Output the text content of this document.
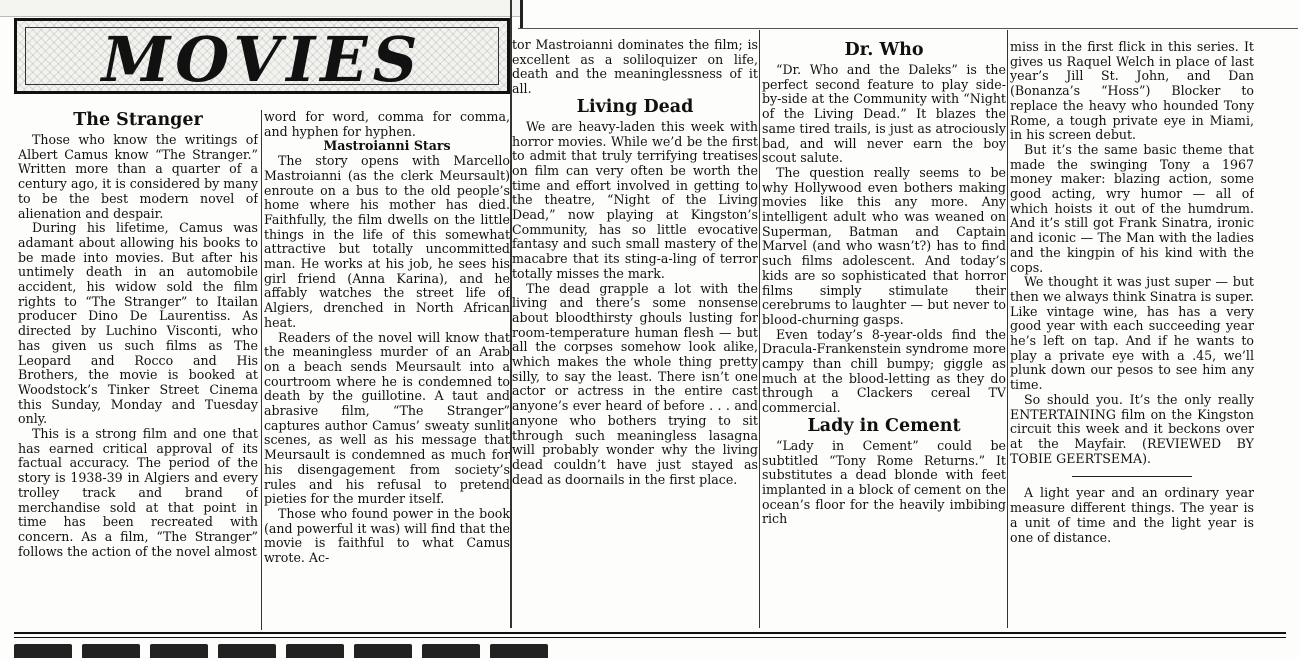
MOVIES
The Stranger

Those who know the writings of Albert Camus know “The Stranger.” Written more than a quarter of a century ago, it is considered by many to be the best modern novel of alienation and despair.

During his lifetime, Camus was adamant about allowing his books to be made into movies. But after his untimely death in an automobile accident, his widow sold the film rights to “The Stranger” to Itailan producer Dino De Laurentiss. As directed by Luchino Visconti, who has given us such films as The Leopard and Rocco and His Brothers, the movie is booked at Woodstock’s Tinker Street Cinema this Sunday, Monday and Tuesday only.

This is a strong film and one that has earned critical approval of its factual accuracy. The period of the story is 1938-39 in Algiers and every trolley track and brand of merchandise sold at that point in time has been recreated with concern. As a film, “The Stranger” follows the action of the novel almost

word for word, comma for comma, and hyphen for hyphen.

Mastroianni Stars

The story opens with Marcello Mastroianni (as the clerk Meursault) enroute on a bus to the old people’s home where his mother has died. Faithfully, the film dwells on the little things in the life of this somewhat attractive but totally uncommitted man. He works at his job, he sees his girl friend (Anna Karina), and he affably watches the street life of Algiers, drenched in North African heat.

Readers of the novel will know that the meaningless murder of an Arab on a beach sends Meursault into a courtroom where he is condemned to death by the guillotine. A taut and abrasive film, “The Stranger” captures author Camus’ sweaty sunlit scenes, as well as his message that Meursault is condemned as much for his disengagement from society’s rules and his refusal to pretend pieties for the murder itself.

Those who found power in the book (and powerful it was) will find that the movie is faithful to what Camus wrote. Ac-

tor Mastroianni dominates the film; is excellent as a soliloquizer on life, death and the meaninglessness of it all.

Living Dead

We are heavy-laden this week with horror movies. While we’d be the first to admit that truly terrifying treatises on film can very often be worth the time and effort involved in getting to the theatre, “Night of the Living Dead,” now playing at Kingston’s Community, has so little evocative fantasy and such small mastery of the macabre that its sting-a-ling of terror totally misses the mark.

The dead grapple a lot with the living and there’s some nonsense about bloodthirsty ghouls lusting for room-temperature human flesh — but all the corpses somehow look alike, which makes the whole thing pretty silly, to say the least. There isn’t one actor or actress in the entire cast anyone’s ever heard of before . . . and anyone who bothers trying to sit through such meaningless lasagna will probably wonder why the living dead couldn’t have just stayed as dead as doornails in the first place.

Dr. Who

“Dr. Who and the Daleks” is the perfect second feature to play side-by-side at the Community with “Night of the Living Dead.” It blazes the same tired trails, is just as atrociously bad, and will never earn the boy scout salute.

The question really seems to be why Hollywood even bothers making movies like this any more. Any intelligent adult who was weaned on Superman, Batman and Captain Marvel (and who wasn’t?) has to find such films adolescent. And today’s kids are so sophisticated that horror films simply stimulate their cerebrums to laughter — but never to blood-churning gasps.

Even today’s 8-year-olds find the Dracula-Frankenstein syndrome more campy than chill bumpy; giggle as much at the blood-letting as they do through a Clackers cereal TV commercial.

Lady in Cement

“Lady in Cement” could be subtitled “Tony Rome Returns.” It substitutes a dead blonde with feet implanted in a block of cement on the ocean’s floor for the heavily imbibing rich

miss in the first flick in this series. It gives us Raquel Welch in place of last year’s Jill St. John, and Dan (Bonanza’s “Hoss”) Blocker to replace the heavy who hounded Tony Rome, a tough private eye in Miami, in his screen debut.

But it’s the same basic theme that made the swinging Tony a 1967 money maker: blazing action, some good acting, wry humor — all of which hoists it out of the humdrum. And it’s still got Frank Sinatra, ironic and iconic — The Man with the ladies and the kingpin of his kind with the cops.

We thought it was just super — but then we always think Sinatra is super. Like vintage wine, has has a very good year with each succeeding year he’s left on tap. And if he wants to play a private eye with a .45, we’ll plunk down our pesos to see him any time.

So should you. It’s the only really ENTERTAINING film on the Kingston circuit this week and it beckons over at the Mayfair. (REVIEWED BY TOBIE GEERTSEMA).

A light year and an ordinary year measure different things. The year is a unit of time and the light year is one of distance.
